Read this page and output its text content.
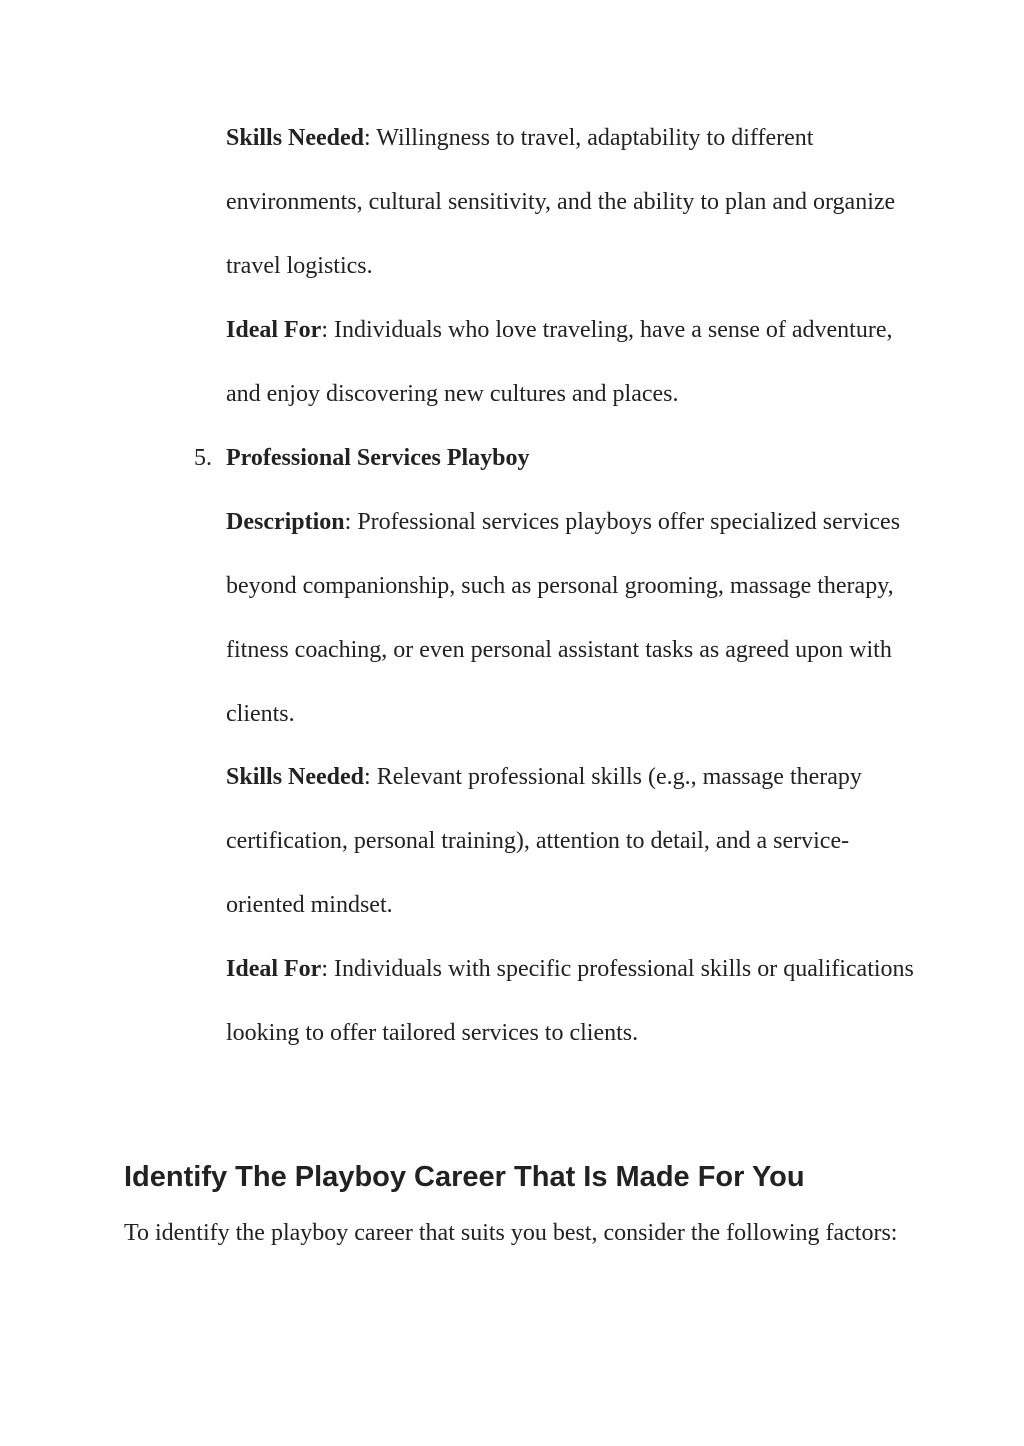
Skills Needed: Willingness to travel, adaptability to different environments, cultural sensitivity, and the ability to plan and organize travel logistics.

Ideal For: Individuals who love traveling, have a sense of adventure, and enjoy discovering new cultures and places.

5. Professional Services Playboy

Description: Professional services playboys offer specialized services beyond companionship, such as personal grooming, massage therapy, fitness coaching, or even personal assistant tasks as agreed upon with clients.

Skills Needed: Relevant professional skills (e.g., massage therapy certification, personal training), attention to detail, and a service-oriented mindset.

Ideal For: Individuals with specific professional skills or qualifications looking to offer tailored services to clients.

Identify The Playboy Career That Is Made For You

To identify the playboy career that suits you best, consider the following factors:
